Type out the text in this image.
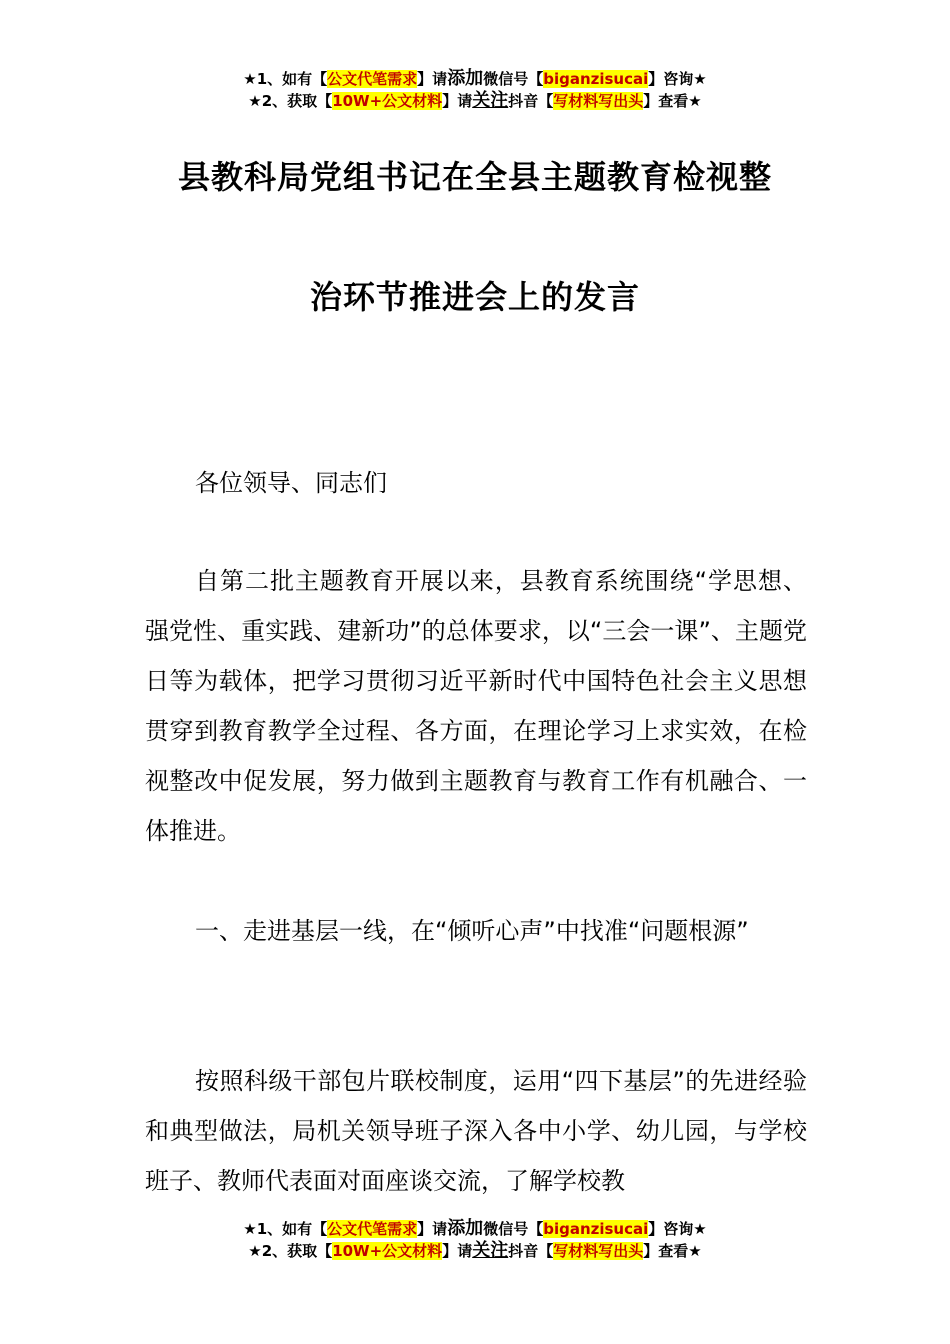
★1、如有【公文代笔需求】请添加微信号【biganzisucai】咨询★
★2、获取【10W+公文材料】请关注抖音【写材料写出头】查看★
县教科局党组书记在全县主题教育检视整
治环节推进会上的发言

各位领导、同志们

自第二批主题教育开展以来，县教育系统围绕“学思想、强党性、重实践、建新功”的总体要求，以“三会一课”、主题党日等为载体，把学习贯彻习近平新时代中国特色社会主义思想贯穿到教育教学全过程、各方面，在理论学习上求实效，在检视整改中促发展，努力做到主题教育与教育工作有机融合、一体推进。

一、走进基层一线，在“倾听心声”中找准“问题根源”

按照科级干部包片联校制度，运用“四下基层”的先进经验和典型做法，局机关领导班子深入各中小学、幼儿园，与学校班子、教师代表面对面座谈交流，了解学校教

★1、如有【公文代笔需求】请添加微信号【biganzisucai】咨询★
★2、获取【10W+公文材料】请关注抖音【写材料写出头】查看★
